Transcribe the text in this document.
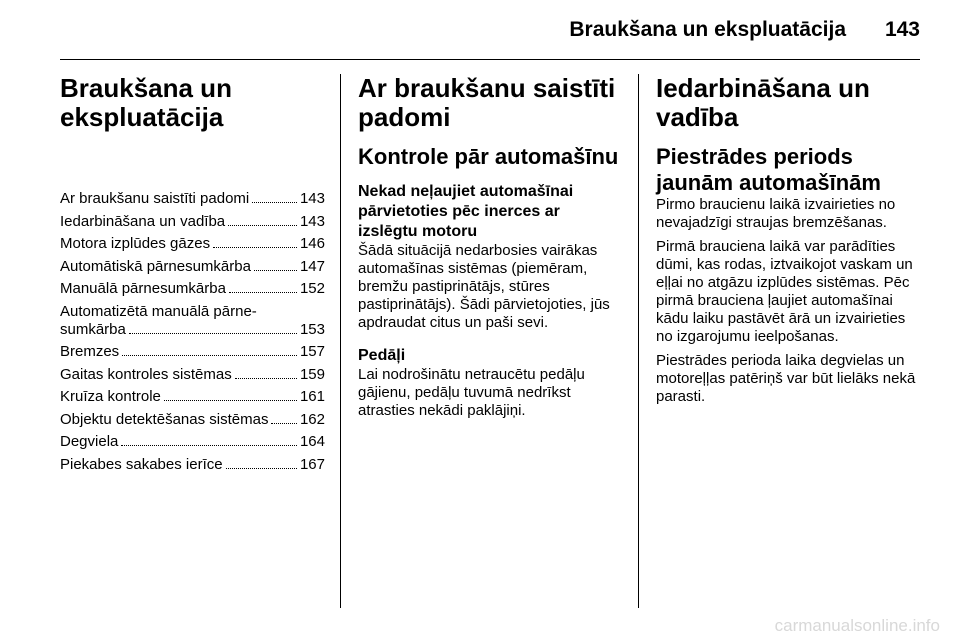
Braukšana un ekspluatācija	143
Braukšana un ekspluatācija
Ar braukšanu saistīti padomi	143
Iedarbināšana un vadība	143
Motora izplūdes gāzes	146
Automātiskā pārnesumkārba	147
Manuālā pārnesumkārba	152
Automatizētā manuālā pārne-
sumkārba	153
Bremzes	157
Gaitas kontroles sistēmas	159
Kruīza kontrole	161
Objektu detektēšanas sistēmas 162
Degviela	164
Piekabes sakabes ierīce	167
Ar braukšanu saistīti padomi
Kontrole pār automašīnu
Nekad neļaujiet automašīnai pārvietoties pēc inerces ar izslēgtu motoru

Šādā situācijā nedarbosies vairākas automašīnas sistēmas (piemēram, bremžu pastiprinātājs, stūres pastiprinātājs). Šādi pārvietojoties, jūs apdraudat citus un paši sevi.

Pedāļi

Lai nodrošinātu netraucētu pedāļu gājienu, pedāļu tuvumā nedrīkst atrasties nekādi paklājiņi.

Iedarbināšana un vadība
Piestrādes periods jaunām automašīnām

Pirmo braucienu laikā izvairieties no nevajadzīgi straujas bremzēšanas.

Pirmā brauciena laikā var parādīties dūmi, kas rodas, iztvaikojot vaskam un eļļai no atgāzu izplūdes sistēmas. Pēc pirmā brauciena ļaujiet automašīnai kādu laiku pastāvēt ārā un izvairieties no izgarojumu ieelpošanas.

Piestrādes perioda laika degvielas un motoreļļas patēriņš var būt lielāks nekā parasti.

carmanualsonline.info
